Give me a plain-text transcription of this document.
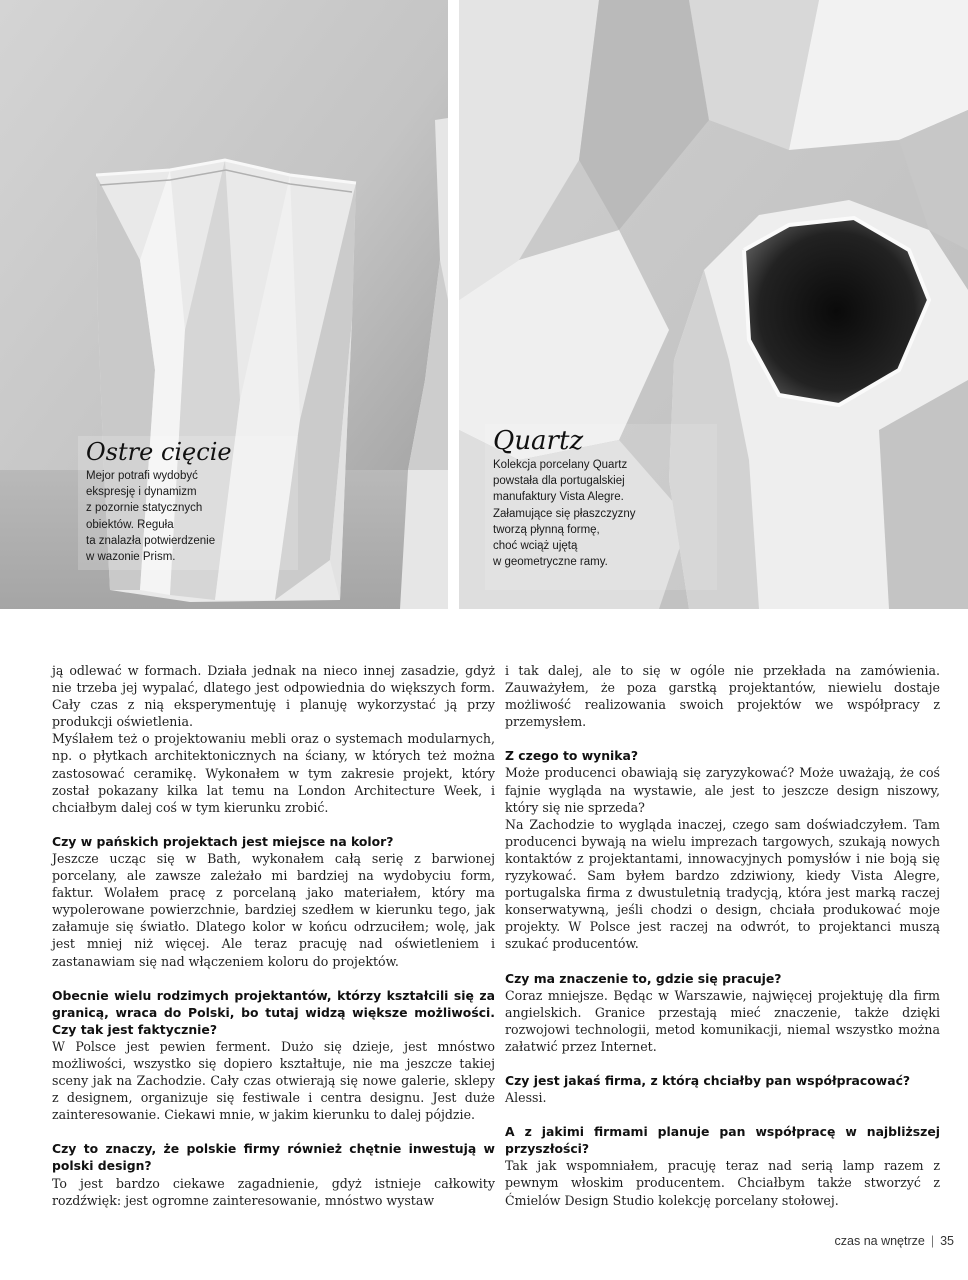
Ostre cięcie
Mejor potrafi wydobyć
ekspresję i dynamizm
z pozornie statycznych
obiektów. Reguła
ta znalazła potwierdzenie
w wazonie Prism.
Quartz
Kolekcja porcelany Quartz
powstała dla portugalskiej
manufaktury Vista Alegre.
Załamujące się płaszczyzny
tworzą płynną formę,
choć wciąż ujętą
w geometryczne ramy.

ją odlewać w formach. Działa jednak na nieco innej zasadzie, gdyż nie trzeba jej wypalać, dlatego jest odpowiednia do większych form. Cały czas z nią eksperymentuję i planuję wykorzystać ją przy produkcji oświetlenia.

Myślałem też o projektowaniu mebli oraz o systemach modularnych, np. o płytkach architektonicznych na ściany, w których też można zastosować ceramikę. Wykonałem w tym zakresie projekt, który został pokazany kilka lat temu na London Architecture Week, i chciałbym dalej coś w tym kierunku zrobić.

Czy w pańskich projektach jest miejsce na kolor?

Jeszcze ucząc się w Bath, wykonałem całą serię z barwionej porcelany, ale zawsze zależało mi bardziej na wydobyciu form, faktur. Wolałem pracę z porcelaną jako materiałem, który ma wypolerowane powierzchnie, bardziej szedłem w kierunku tego, jak załamuje się światło. Dlatego kolor w końcu odrzuciłem; wolę, jak jest mniej niż więcej. Ale teraz pracuję nad oświetleniem i zastanawiam się nad włączeniem koloru do projektów.

Obecnie wielu rodzimych projektantów, którzy kształcili się za granicą, wraca do Polski, bo tutaj widzą większe możliwości. Czy tak jest faktycznie?

W Polsce jest pewien ferment. Dużo się dzieje, jest mnóstwo możliwości, wszystko się dopiero kształtuje, nie ma jeszcze takiej sceny jak na Zachodzie. Cały czas otwierają się nowe galerie, sklepy z designem, organizuje się festiwale i centra designu. Jest duże zainteresowanie. Ciekawi mnie, w jakim kierunku to dalej pójdzie.

Czy to znaczy, że polskie firmy również chętnie inwestują w polski design?

To jest bardzo ciekawe zagadnienie, gdyż istnieje całkowity rozdźwięk: jest ogromne zainteresowanie, mnóstwo wystaw

i tak dalej, ale to się w ogóle nie przekłada na zamówienia. Zauważyłem, że poza garstką projektantów, niewielu dostaje możliwość realizowania swoich projektów we współpracy z przemysłem.

Z czego to wynika?

Może producenci obawiają się zaryzykować? Może uważają, że coś fajnie wygląda na wystawie, ale jest to jeszcze design niszowy, który się nie sprzeda?

Na Zachodzie to wygląda inaczej, czego sam doświadczyłem. Tam producenci bywają na wielu imprezach targowych, szukają nowych kontaktów z projektantami, innowacyjnych pomysłów i nie boją się ryzykować. Sam byłem bardzo zdziwiony, kiedy Vista Alegre, portugalska firma z dwustuletnią tradycją, która jest marką raczej konserwatywną, jeśli chodzi o design, chciała produkować moje projekty. W Polsce jest raczej na odwrót, to projektanci muszą szukać producentów.

Czy ma znaczenie to, gdzie się pracuje?

Coraz mniejsze. Będąc w Warszawie, najwięcej projektuję dla firm angielskich. Granice przestają mieć znaczenie, także dzięki rozwojowi technologii, metod komunikacji, niemal wszystko można załatwić przez Internet.

Czy jest jakaś firma, z którą chciałby pan współpracować?

Alessi.

A z jakimi firmami planuje pan współpracę w najbliższej przyszłości?

Tak jak wspomniałem, pracuję teraz nad serią lamp razem z pewnym włoskim producentem. Chciałbym także stworzyć z Ćmielów Design Studio kolekcję porcelany stołowej.

czas na wnętrze | 35
